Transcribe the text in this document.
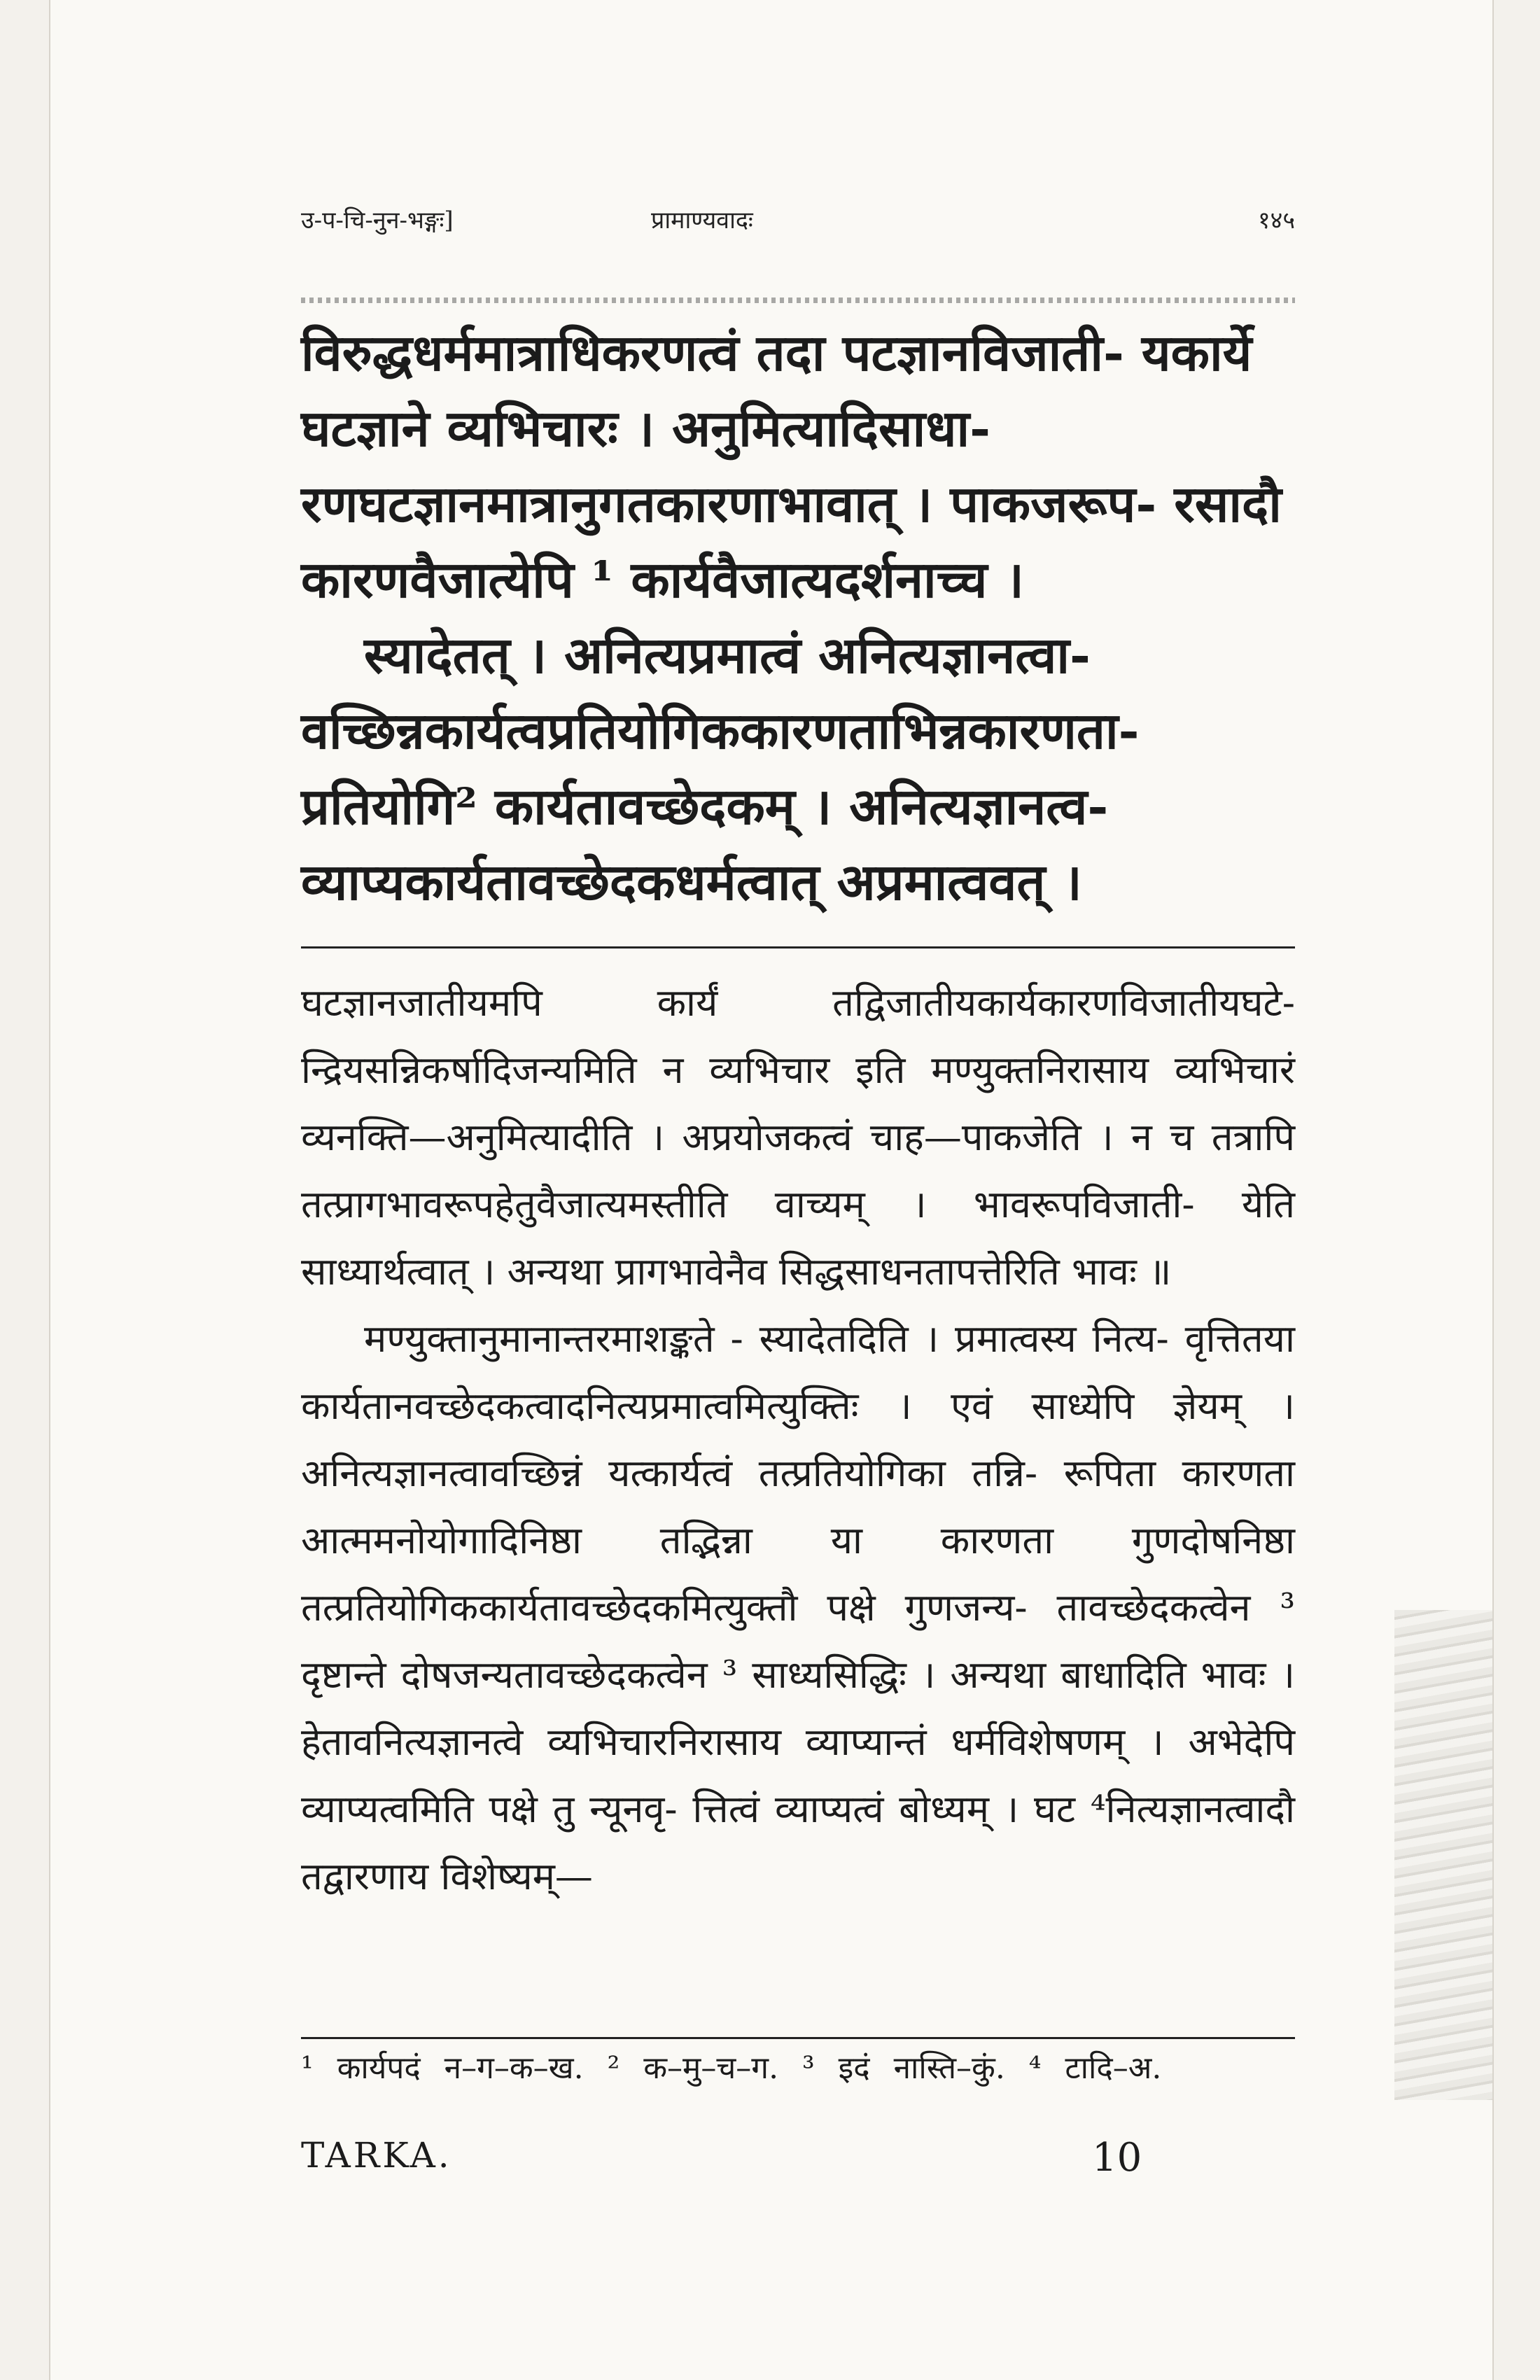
उ-प-चि-नुन-भङ्गः]	प्रामाण्यवादः	१४५

विरुद्धधर्ममात्राधिकरणत्वं तदा पटज्ञानविजाती- यकार्ये घटज्ञाने व्यभिचारः । अनुमित्यादिसाधा- रणघटज्ञानमात्रानुगतकारणाभावात् । पाकजरूप- रसादौ कारणवैजात्येपि ¹ कार्यवैजात्यदर्शनाच्च ।

स्यादेतत् । अनित्यप्रमात्वं अनित्यज्ञानत्वा- वच्छिन्नकार्यत्वप्रतियोगिककारणताभिन्नकारणता- प्रतियोगि² कार्यतावच्छेदकम् । अनित्यज्ञानत्व- व्याप्यकार्यतावच्छेदकधर्मत्वात् अप्रमात्ववत् ।

घटज्ञानजातीयमपि कार्यं तद्विजातीयकार्यकारणविजातीयघटे- न्द्रियसन्निकर्षादिजन्यमिति न व्यभिचार इति मण्युक्तनिरासाय व्यभिचारं व्यनक्ति—अनुमित्यादीति । अप्रयोजकत्वं चाह—पाकजेति । न च तत्रापि तत्प्रागभावरूपहेतुवैजात्यमस्तीति वाच्यम् । भावरूपविजाती- येति साध्यार्थत्वात् । अन्यथा प्रागभावेनैव सिद्धसाधनतापत्तेरिति भावः ॥

मण्युक्तानुमानान्तरमाशङ्कते - स्यादेतदिति । प्रमात्वस्य नित्य- वृत्तितया कार्यतानवच्छेदकत्वादनित्यप्रमात्वमित्युक्तिः । एवं साध्येपि ज्ञेयम् । अनित्यज्ञानत्वावच्छिन्नं यत्कार्यत्वं तत्प्रतियोगिका तन्नि- रूपिता कारणता आत्ममनोयोगादिनिष्ठा तद्भिन्ना या कारणता गुणदोषनिष्ठा तत्प्रतियोगिककार्यतावच्छेदकमित्युक्तौ पक्षे गुणजन्य- तावच्छेदकत्वेन ³ दृष्टान्ते दोषजन्यतावच्छेदकत्वेन ³ साध्यसिद्धिः । अन्यथा बाधादिति भावः । हेतावनित्यज्ञानत्वे व्यभिचारनिरासाय व्याप्यान्तं धर्मविशेषणम् । अभेदेपि व्याप्यत्वमिति पक्षे तु न्यूनवृ- त्तित्वं व्याप्यत्वं बोध्यम् । घट ⁴नित्यज्ञानत्वादौ तद्वारणाय विशेष्यम्—

¹ कार्यपदं न–ग–क–ख. ² क–मु–च–ग. ³ इदं नास्ति–कुं. ⁴ टादि–अ.
TARKA.	10
